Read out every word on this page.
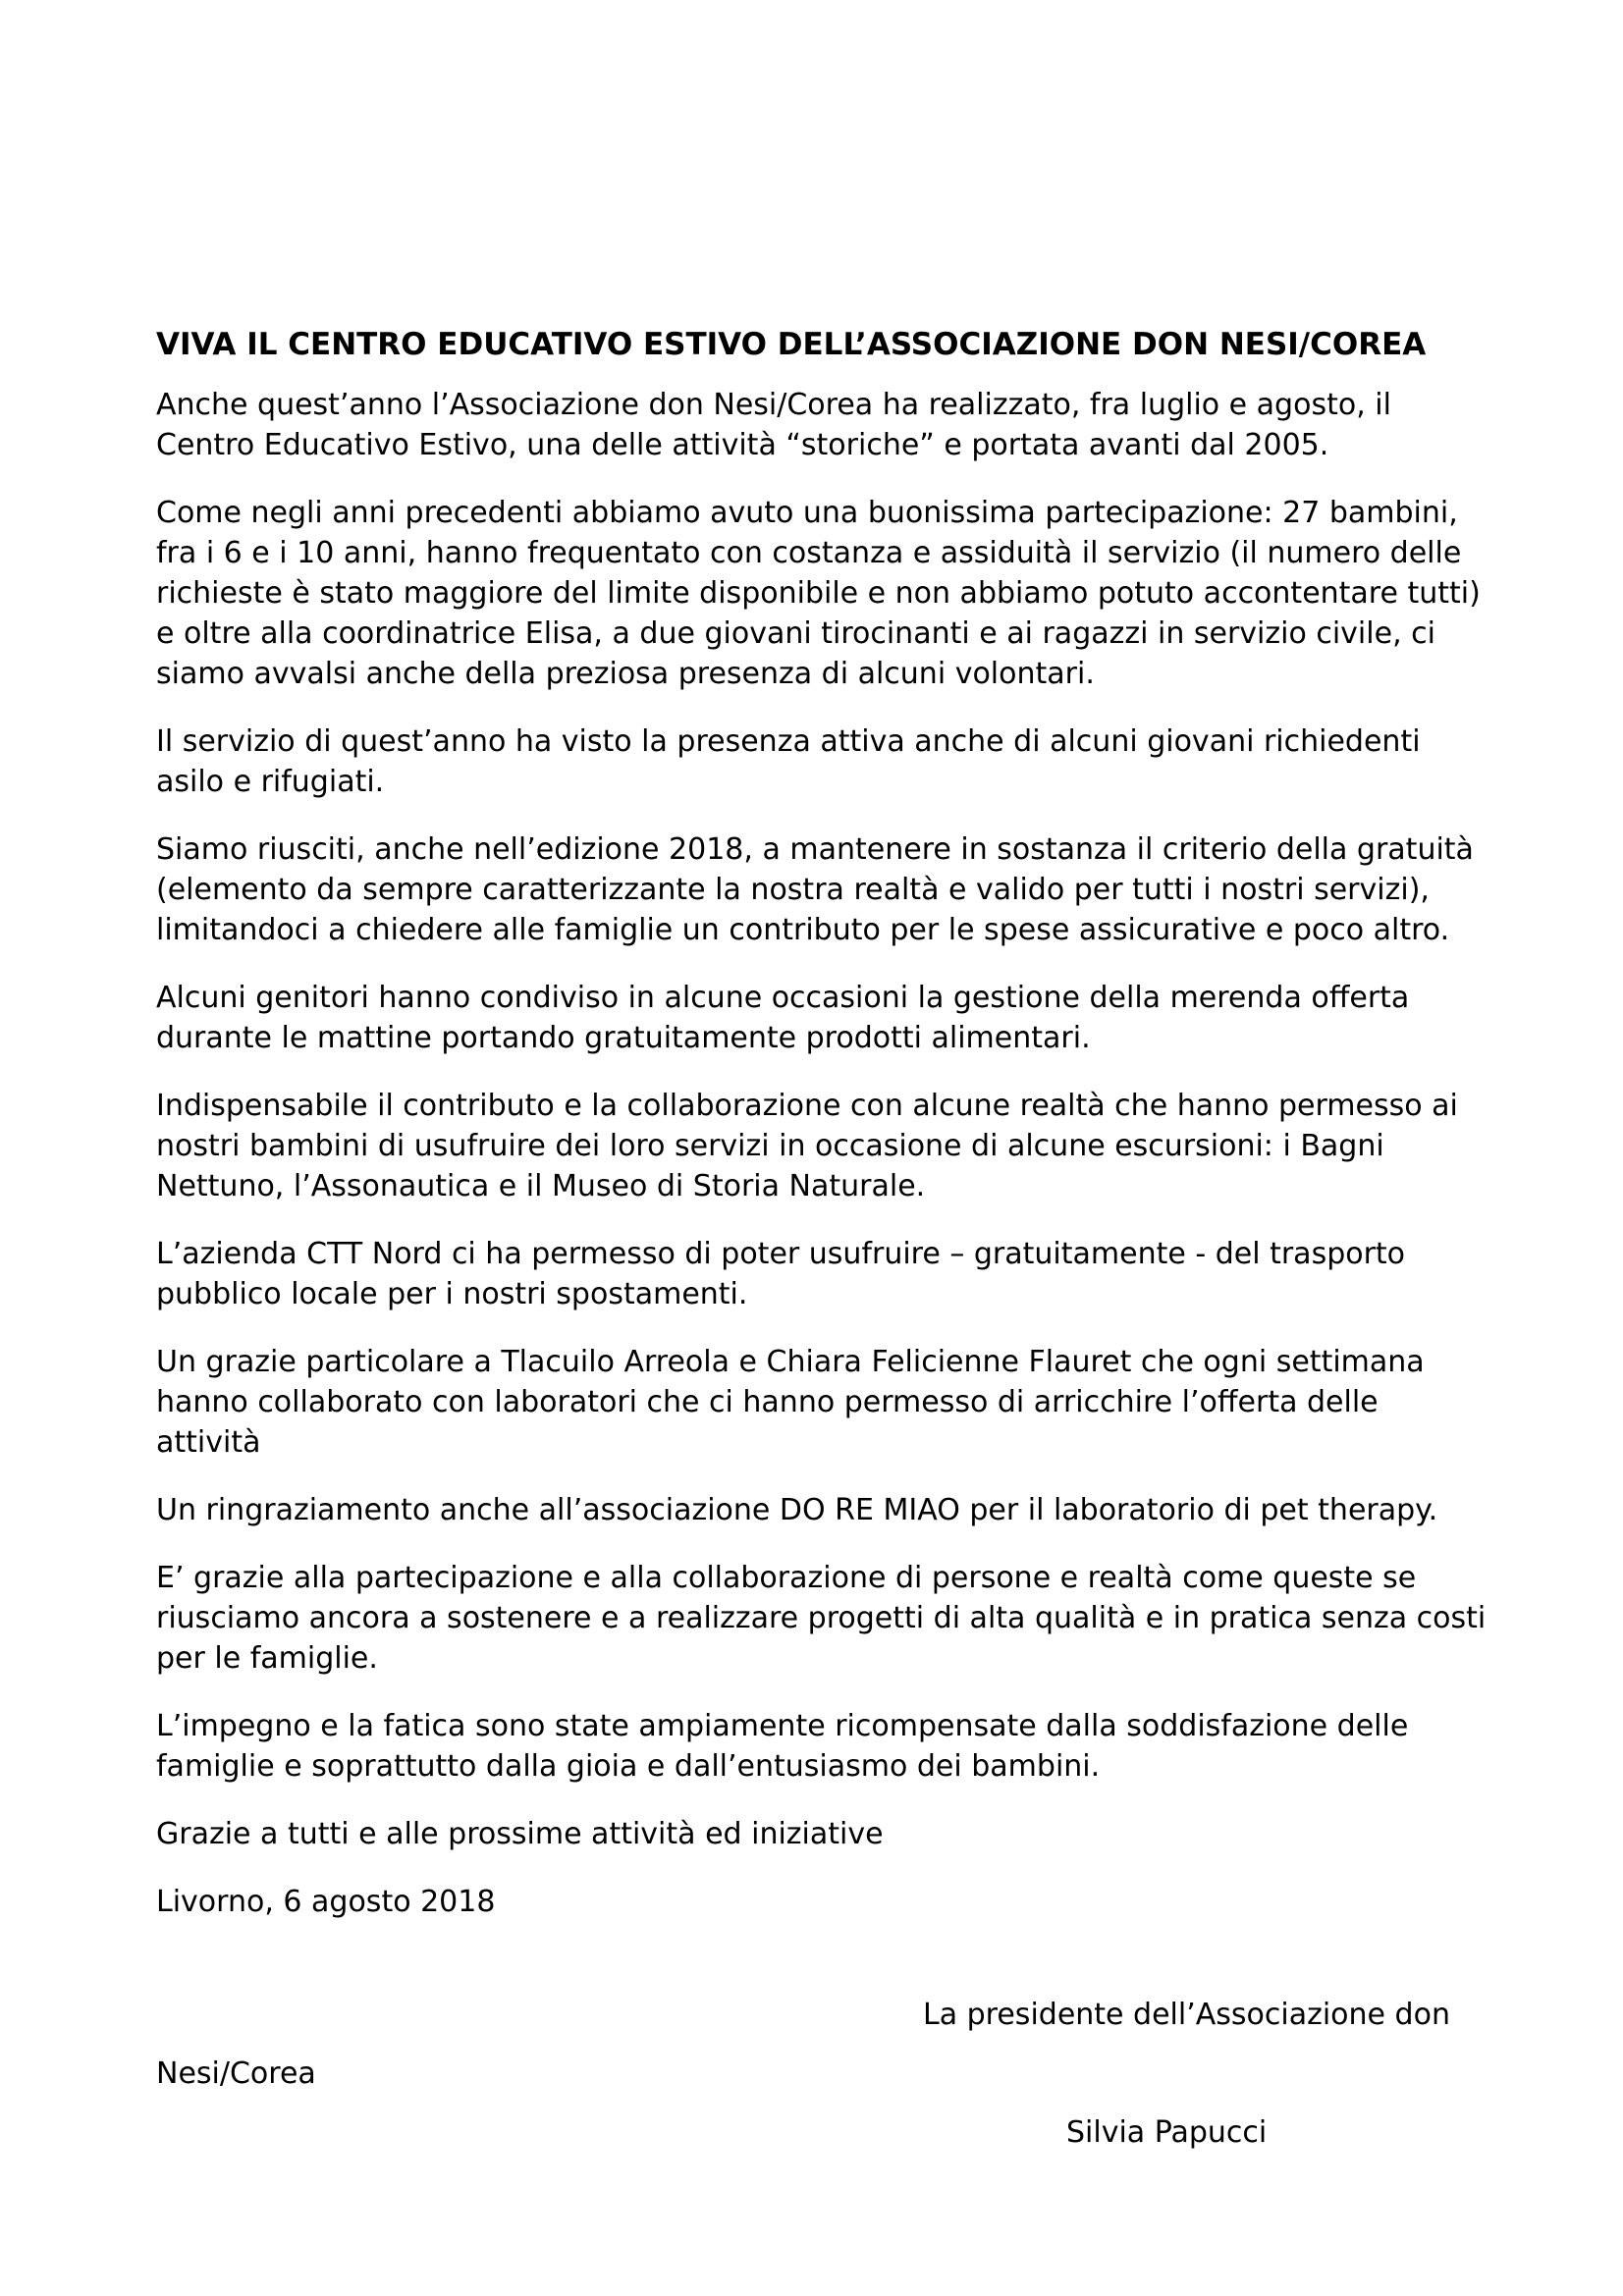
VIVA IL CENTRO EDUCATIVO ESTIVO DELL’ASSOCIAZIONE DON NESI/COREA

Anche quest’anno l’Associazione don Nesi/Corea ha realizzato, fra luglio e agosto, il Centro Educativo Estivo, una delle attività “storiche” e portata avanti dal 2005.

Come negli anni precedenti abbiamo avuto una buonissima partecipazione: 27 bambini, fra i 6 e i 10 anni, hanno frequentato con costanza e assiduità il servizio (il numero delle richieste è stato maggiore del limite disponibile e non abbiamo potuto accontentare tutti) e oltre alla coordinatrice Elisa, a due giovani tirocinanti e ai ragazzi in servizio civile, ci siamo avvalsi anche della preziosa presenza di alcuni volontari.

Il servizio di quest’anno ha visto la presenza attiva anche di alcuni giovani richiedenti asilo e rifugiati.

Siamo riusciti, anche nell’edizione 2018, a mantenere in sostanza il criterio della gratuità (elemento da sempre caratterizzante la nostra realtà e valido per tutti i nostri servizi), limitandoci a chiedere alle famiglie un contributo per le spese assicurative e poco altro.

Alcuni genitori hanno condiviso in alcune occasioni la gestione della merenda offerta durante le mattine portando gratuitamente prodotti alimentari.

Indispensabile il contributo e la collaborazione con alcune realtà che hanno permesso ai nostri bambini di usufruire dei loro servizi in occasione di alcune escursioni: i Bagni Nettuno, l’Assonautica e il Museo di Storia Naturale.

L’azienda CTT Nord ci ha permesso di poter usufruire – gratuitamente - del trasporto pubblico locale per i nostri spostamenti.

Un grazie particolare a Tlacuilo Arreola e Chiara Felicienne Flauret che ogni settimana hanno collaborato con laboratori che ci hanno permesso di arricchire l’offerta delle attività

Un ringraziamento anche all’associazione DO RE MIAO per il laboratorio di pet therapy.

E’ grazie alla partecipazione e alla collaborazione di persone e realtà come queste se riusciamo ancora a sostenere e a realizzare progetti di alta qualità e in pratica senza costi per le famiglie.

L’impegno e la fatica sono state ampiamente ricompensate dalla soddisfazione delle famiglie e soprattutto dalla gioia e dall’entusiasmo dei bambini.

Grazie a tutti e alle prossime attività ed iniziative

Livorno, 6 agosto 2018

La presidente dell’Associazione don
Nesi/Corea
Silvia Papucci
